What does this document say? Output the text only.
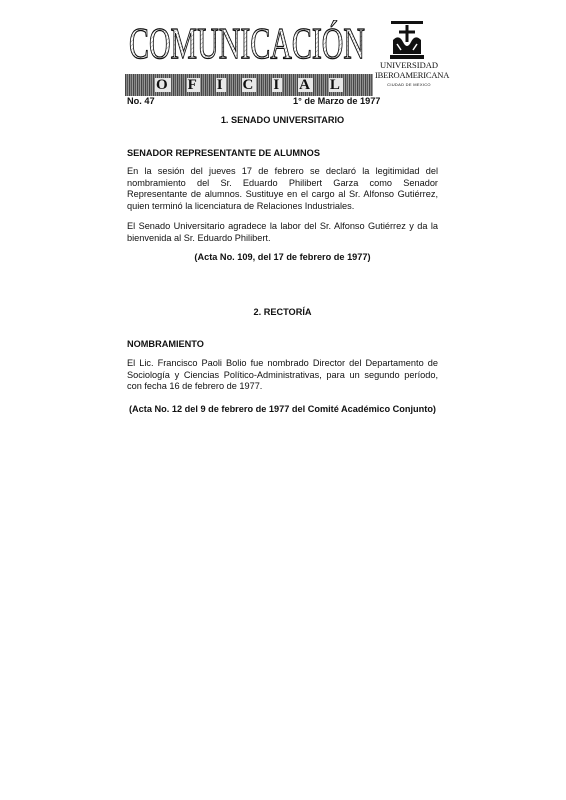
COMUNICACIÓN
O F I C I A L
UNIVERSIDAD
IBEROAMERICANA
CIUDAD DE MEXICO
No. 47	1° de Marzo de 1977
1. SENADO UNIVERSITARIO
SENADOR REPRESENTANTE DE ALUMNOS
En la sesión del jueves 17 de febrero se declaró la legitimidad del nombramiento del Sr. Eduardo Philibert Garza como Senador Representante de alumnos. Sustituye en el cargo al Sr. Alfonso Gutiérrez, quien terminó la licenciatura de Relaciones Industriales.
El Senado Universitario agradece la labor del Sr. Alfonso Gutiérrez y da la bienvenida al Sr. Eduardo Philibert.
(Acta No. 109, del 17 de febrero de 1977)
2. RECTORÍA
NOMBRAMIENTO
El Lic. Francisco Paoli Bolio fue nombrado Director del Departamento de Sociología y Ciencias Político-Administrativas, para un segundo período, con fecha 16 de febrero de 1977.
(Acta No. 12 del 9 de febrero de 1977 del Comité Académico Conjunto)
